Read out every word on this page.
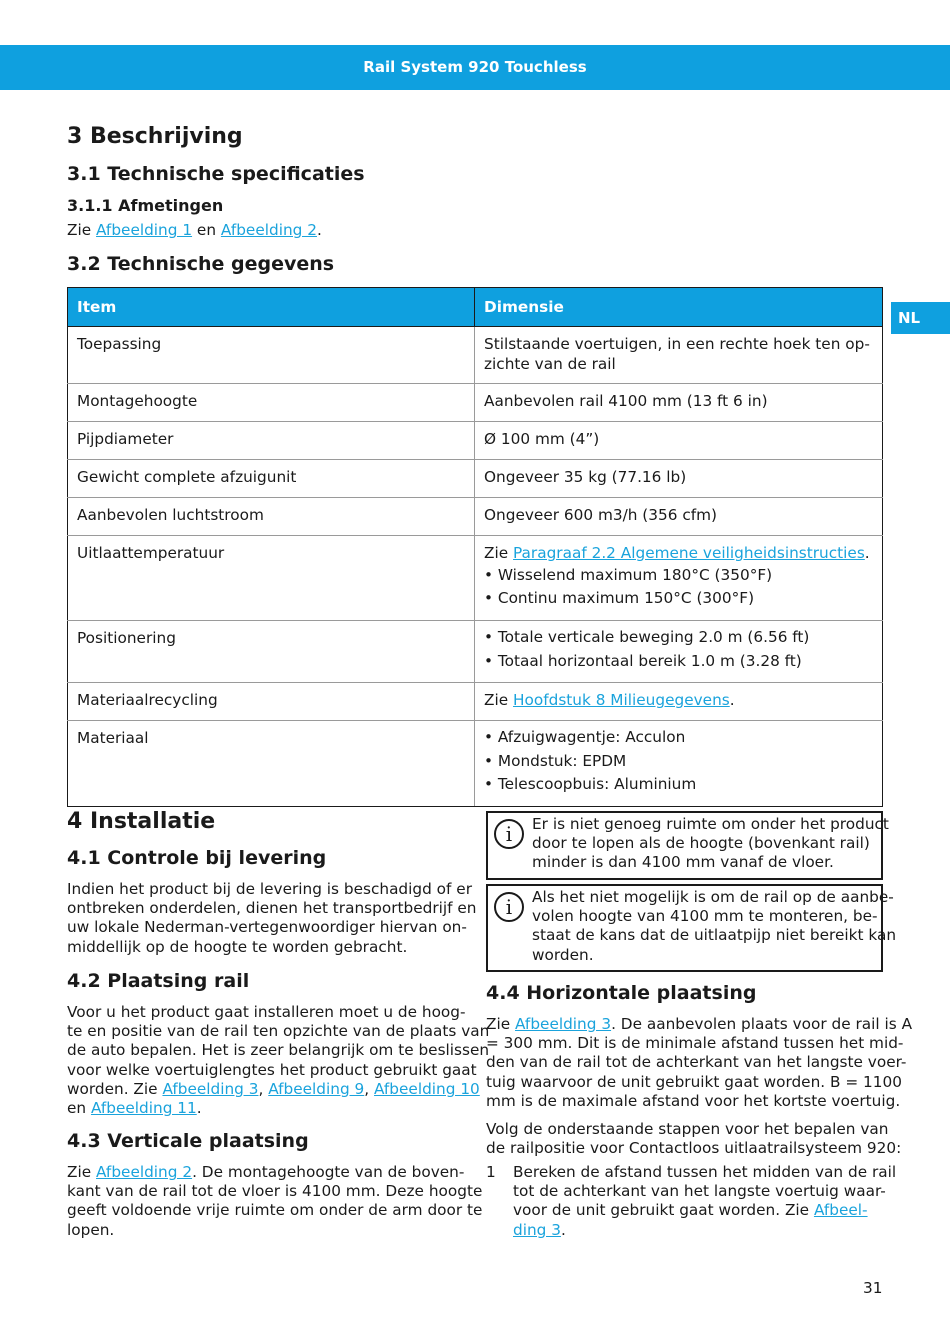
Rail System 920 Touchless
NL
3 Beschrijving
3.1 Technische specificaties
3.1.1 Afmetingen

Zie Afbeelding 1 en Afbeelding 2.

3.2 Technische gegevens
Item	Dimensie
Toepassing	Stilstaande voertuigen, in een rechte hoek ten op-
zichte van de rail
Montagehoogte	Aanbevolen rail 4100 mm (13 ft 6 in)
Pijpdiameter	Ø 100 mm (4”)
Gewicht complete afzuigunit	Ongeveer 35 kg (77.16 lb)
Aanbevolen luchtstroom	Ongeveer 600 m3/h (356 cfm)
Uitlaattemperatuur	Zie Paragraaf 2.2 Algemene veiligheidsinstructies.
• Wisselend maximum 180°C (350°F)
• Continu maximum 150°C (300°F)

Positionering	• Totale verticale beweging 2.0 m (6.56 ft)
• Totaal horizontaal bereik 1.0 m (3.28 ft)

Materiaalrecycling	Zie Hoofdstuk 8 Milieugegevens.
Materiaal	• Afzuigwagentje: Acculon
• Mondstuk: EPDM
• Telescoopbuis: Aluminium
4 Installatie
4.1 Controle bij levering
Indien het product bij de levering is beschadigd of er
ontbreken onderdelen, dienen het transportbedrijf en
uw lokale Nederman-vertegenwoordiger hiervan on-
middellijk op de hoogte te worden gebracht.
4.2 Plaatsing rail
Voor u het product gaat installeren moet u de hoog-
te en positie van de rail ten opzichte van de plaats van
de auto bepalen. Het is zeer belangrijk om te beslissen
voor welke voertuiglengtes het product gebruikt gaat
worden. Zie Afbeelding 3, Afbeelding 9, Afbeelding 10
en Afbeelding 11.
4.3 Verticale plaatsing
Zie Afbeelding 2. De montagehoogte van de boven-
kant van de rail tot de vloer is 4100 mm. Deze hoogte
geeft voldoende vrije ruimte om onder de arm door te
lopen.
i	Er is niet genoeg ruimte om onder het product
door te lopen als de hoogte (bovenkant rail)
minder is dan 4100 mm vanaf de vloer.
i	Als het niet mogelijk is om de rail op de aanbe-
volen hoogte van 4100 mm te monteren, be-
staat de kans dat de uitlaatpijp niet bereikt kan
worden.
4.4 Horizontale plaatsing
Zie Afbeelding 3. De aanbevolen plaats voor de rail is A
= 300 mm. Dit is de minimale afstand tussen het mid-
den van de rail tot de achterkant van het langste voer-
tuig waarvoor de unit gebruikt gaat worden. B = 1100
mm is de maximale afstand voor het kortste voertuig.
Volg de onderstaande stappen voor het bepalen van
de railpositie voor Contactloos uitlaatrailsysteem 920:
1 Bereken de afstand tussen het midden van de rail
tot de achterkant van het langste voertuig waar-
voor de unit gebruikt gaat worden. Zie Afbeel-
ding 3.
31
